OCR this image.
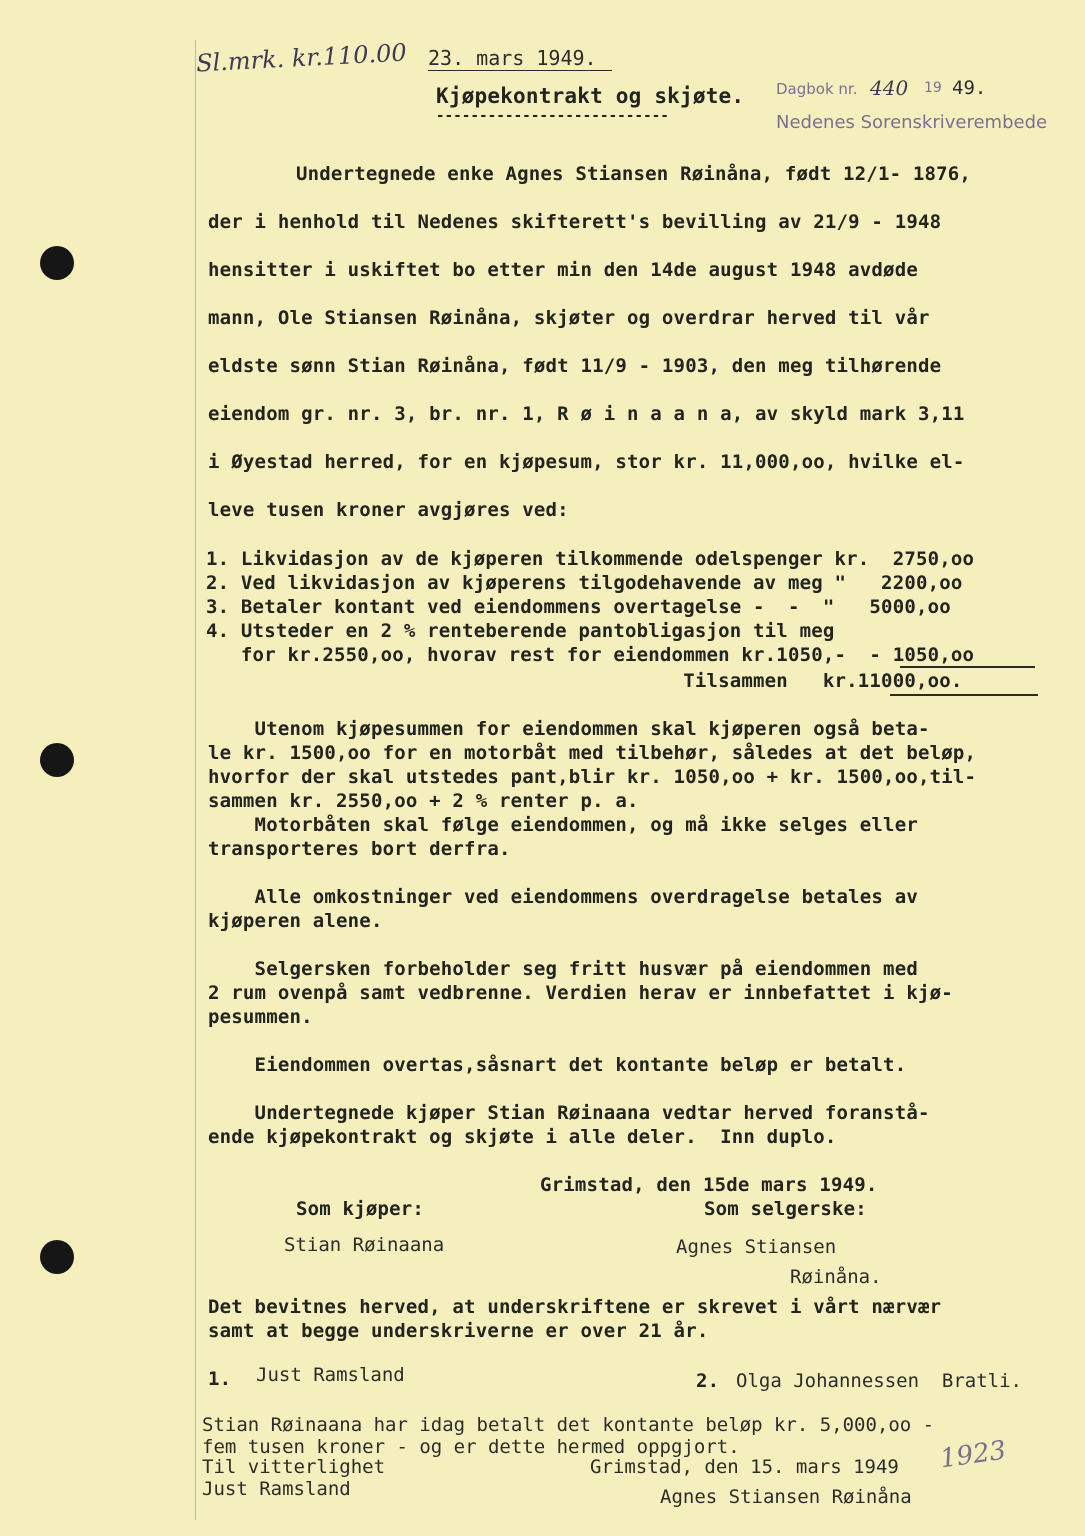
Sl.mrk. kr.110.00 23. mars 1949.
Kjøpekontrakt og skjøte.
---------------------------
Dagbok nr. 440 19 49.
Nedenes Sorenskriverembede
Undertegnede enke Agnes Stiansen Røinåna, født 12/1- 1876,
der i henhold til Nedenes skifterett's bevilling av 21/9 - 1948
hensitter i uskiftet bo etter min den 14de august 1948 avdøde
mann, Ole Stiansen Røinåna, skjøter og overdrar herved til vår
eldste sønn Stian Røinåna, født 11/9 - 1903, den meg tilhørende
eiendom gr. nr. 3, br. nr. 1, R ø i n a a n a, av skyld mark 3,11
i Øyestad herred, for en kjøpesum, stor kr. 11,000,oo, hvilke el-
leve tusen kroner avgjøres ved:
1. Likvidasjon av de kjøperen tilkommende odelspenger kr.  2750,oo
2. Ved likvidasjon av kjøperens tilgodehavende av meg "   2200,oo
3. Betaler kontant ved eiendommens overtagelse -  -  "   5000,oo
4. Utsteder en 2 % renteberende pantobligasjon til meg
for kr.2550,oo, hvorav rest for eiendommen kr.1050,-  - 1050,oo
Tilsammen   kr.11000,oo.
Utenom kjøpesummen for eiendommen skal kjøperen også beta-
le kr. 1500,oo for en motorbåt med tilbehør, således at det beløp,
hvorfor der skal utstedes pant,blir kr. 1050,oo + kr. 1500,oo,til-
sammen kr. 2550,oo + 2 % renter p. a.
Motorbåten skal følge eiendommen, og må ikke selges eller
transporteres bort derfra.
Alle omkostninger ved eiendommens overdragelse betales av
kjøperen alene.
Selgersken forbeholder seg fritt husvær på eiendommen med
2 rum ovenpå samt vedbrenne. Verdien herav er innbefattet i kjø-
pesummen.
Eiendommen overtas,såsnart det kontante beløp er betalt.
Undertegnede kjøper Stian Røinaana vedtar herved foranstå-
ende kjøpekontrakt og skjøte i alle deler.  Inn duplo.
Grimstad, den 15de mars 1949.
Som kjøper:
Stian Røinaana
Som selgerske:
Agnes Stiansen
Røinåna.
Det bevitnes herved, at underskriftene er skrevet i vårt nærvær
samt at begge underskriverne er over 21 år.
1. Just Ramsland	2. Olga Johannessen  Bratli.
Stian Røinaana har idag betalt det kontante beløp kr. 5,000,oo -
fem tusen kroner - og er dette hermed oppgjort.
Til vitterlighet	Grimstad, den 15. mars 1949
Just Ramsland	Agnes Stiansen Røinåna
1923
